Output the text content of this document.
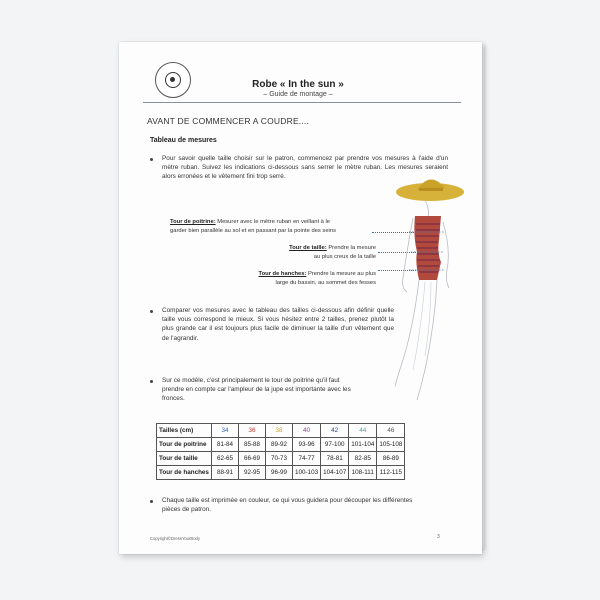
Robe « In the sun »
– Guide de montage –
AVANT DE COMMENCER A COUDRE....
Tableau de mesures
Pour savoir quelle taille choisir sur le patron, commencez par prendre vos mesures à l'aide d'un mètre ruban. Suivez les indications ci-dessous sans serrer le mètre ruban. Les mesures seraient alors erronées et le vêtement fini trop serré.
Tour de poitrine: Mesurer avec le mètre ruban en veillant à le
garder bien parallèle au sol et en passant par la pointe des seins
Tour de taille: Prendre la mesure
au plus creux de la taille
Tour de hanches: Prendre la mesure au plus
large du bassin, au sommet des fesses
Comparer vos mesures avec le tableau des tailles ci-dessous afin définir quelle taille vous correspond le mieux. Si vous hésitez entre 2 tailles, prenez plutôt la plus grande car il est toujours plus facile de diminuer la taille d'un vêtement que de l'agrandir.
Sur ce modèle, c'est principalement le tour de poitrine qu'il faut prendre en compte car l'ampleur de la jupe est importante avec les fronces.
Tailles (cm)	34	36	38	40	42	44	46
Tour de poitrine	81-84	85-88	89-92	93-96	97-100	101-104	105-108
Tour de taille	62-65	66-69	70-73	74-77	78-81	82-85	86-89
Tour de hanches	88-91	92-95	96-99	100-103	104-107	108-111	112-115
Chaque taille est imprimée en couleur, ce qui vous guidera pour découper les différentes pièces de patron.
Copyright©DressYourBody	3
